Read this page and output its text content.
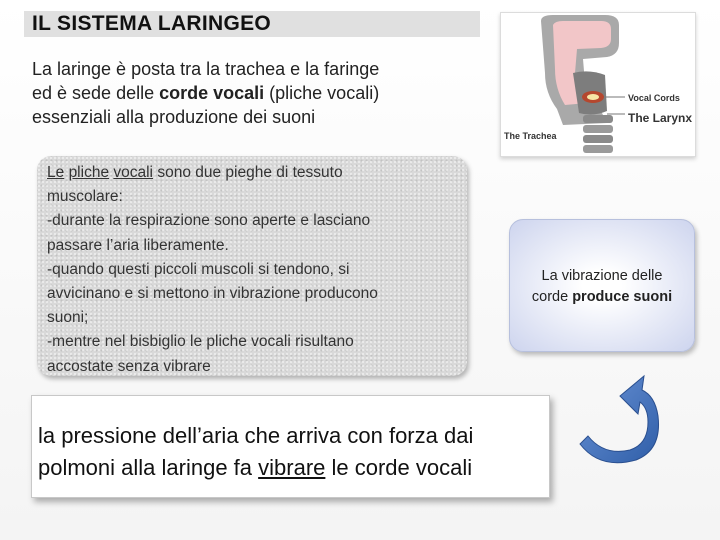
IL SISTEMA LARINGEO
La laringe è posta tra la trachea e la faringe
ed è sede delle corde vocali (pliche vocali)
essenziali alla produzione dei suoni
Vocal Cords
The Larynx
The Trachea

Le pliche vocali sono due pieghe di tessuto

muscolare:

-durante la respirazione sono aperte e lasciano

passare l’aria liberamente.

-quando questi piccoli muscoli si tendono, si

avvicinano e si mettono in vibrazione producono

suoni;

-mentre nel bisbiglio le pliche vocali risultano

accostate senza vibrare

La vibrazione delle
corde produce suoni
la pressione dell’aria che arriva con forza dai
polmoni alla laringe fa vibrare le corde vocali
